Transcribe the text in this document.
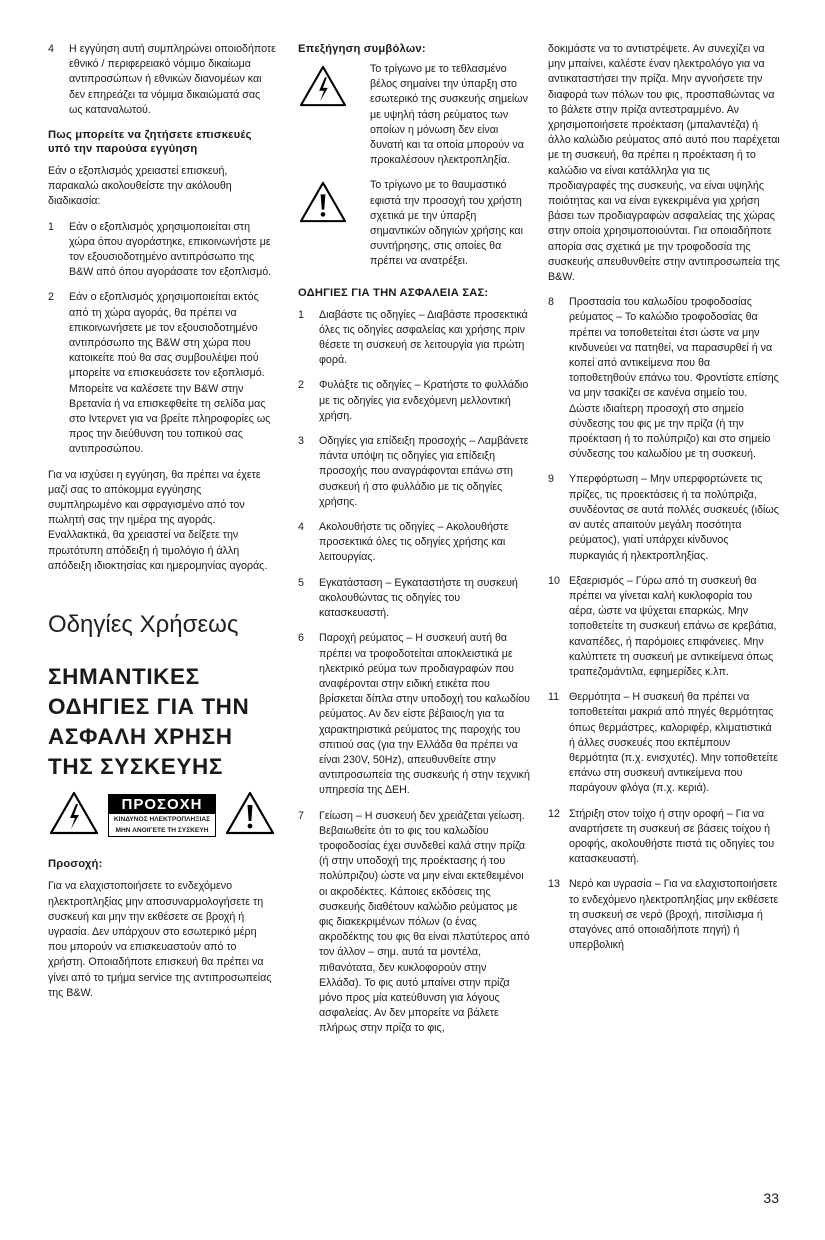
4	Η εγγύηση αυτή συμπληρώνει οποιοδήποτε εθνικό / περιφερειακό νόμιμο δικαίωμα αντιπροσώπων ή εθνικών διανομέων και δεν επηρεάζει τα νόμιμα δικαιώματά σας ως καταναλωτού.

Πως μπορείτε να ζητήσετε επισκευές υπό την παρούσα εγγύηση

Εάν ο εξοπλισμός χρειαστεί επισκευή, παρακαλώ ακολουθείστε την ακόλουθη διαδικασία:

1	Εάν ο εξοπλισμός χρησιμοποιείται στη χώρα όπου αγοράστηκε, επικοινωνήστε με τον εξουσιοδοτημένο αντιπρόσωπο της B&W από όπου αγοράσατε τον εξοπλισμό.
2	Εάν ο εξοπλισμός χρησιμοποιείται εκτός από τη χώρα αγοράς, θα πρέπει να επικοινωνήσετε με τον εξουσιοδοτημένο αντιπρόσωπο της B&W στη χώρα που κατοικείτε πού θα σας συμβουλέψει πού μπορείτε να επισκευάσετε τον εξοπλισμό. Μπορείτε να καλέσετε την B&W στην Βρετανία ή να επισκεφθείτε τη σελίδα μας στο Ιντερνετ για να βρείτε πληροφορίες ως προς την διεύθυνση του τοπικού σας αντιπροσώπου.

Για να ισχύσει η εγγύηση, θα πρέπει να έχετε μαζί σας το απόκομμα εγγύησης συμπληρωμένο και σφραγισμένο από τον πωλητή σας την ημέρα της αγοράς. Εναλλακτικά, θα χρειαστεί να δείξετε την πρωτότυπη απόδειξη ή τιμολόγιο ή άλλη απόδειξη ιδιοκτησίας και ημερομηνίας αγοράς.

Οδηγίες Χρήσεως

ΣΗΜΑΝΤΙΚΕΣ ΟΔΗΓΙΕΣ ΓΙΑ ΤΗΝ ΑΣΦΑΛΗ ΧΡΗΣΗ ΤΗΣ ΣΥΣΚΕΥΗΣ

ΠΡΟΣΟΧΗ
ΚΙΝΔΥΝΟΣ ΗΛΕΚΤΡΟΠΛΗΞΙΑΣ
ΜΗΝ ΑΝΟΙΓΕΤΕ ΤΗ ΣΥΣΚΕΥΗ

Προσοχή:

Για να ελαχιστοποιήσετε το ενδεχόμενο ηλεκτροπληξίας μην αποσυναρμολογήσετε τη συσκευή και μην την εκθέσετε σε βροχή ή υγρασία. Δεν υπάρχουν στο εσωτερικό μέρη που μπορούν να επισκευαστούν από το χρήστη. Οποιαδήποτε επισκευή θα πρέπει να γίνει από το τμήμα service της αντιπροσωπείας της B&W.

Επεξήγηση συμβόλων:

Το τρίγωνο με το τεθλασμένο βέλος σημαίνει την ύπαρξη στο εσωτερικό της συσκευής σημείων με υψηλή τάση ρεύματος των οποίων η μόνωση δεν είναι δυνατή και τα οποία μπορούν να προκαλέσουν ηλεκτροπληξία.
Το τρίγωνο με το θαυμαστικό εφιστά την προσοχή του χρήστη σχετικά με την ύπαρξη σημαντικών οδηγιών χρήσης και συντήρησης, στις οποίες θα πρέπει να ανατρέξει.

ΟΔΗΓΙΕΣ ΓΙΑ ΤΗΝ ΑΣΦΑΛΕΙΑ ΣΑΣ:

1	Διαβάστε τις οδηγίες – Διαβάστε προσεκτικά όλες τις οδηγίες ασφαλείας και χρήσης πριν θέσετε τη συσκευή σε λειτουργία για πρώτη φορά.
2	Φυλάξτε τις οδηγίες – Κρατήστε το φυλλάδιο με τις οδηγίες για ενδεχόμενη μελλοντική χρήση.
3	Οδηγίες για επίδειξη προσοχής – Λαμβάνετε πάντα υπόψη τις οδηγίες για επίδειξη προσοχής που αναγράφονται επάνω στη συσκευή ή στο φυλλάδιο με τις οδηγίες χρήσης.
4	Ακολουθήστε τις οδηγίες – Ακολουθήστε προσεκτικά όλες τις οδηγίες χρήσης και λειτουργίας.
5	Εγκατάσταση – Εγκαταστήστε τη συσκευή ακολουθώντας τις οδηγίες του κατασκευαστή.
6	Παροχή ρεύματος – Η συσκευή αυτή θα πρέπει να τροφοδοτείται αποκλειστικά με ηλεκτρικό ρεύμα των προδιαγραφών που αναφέρονται στην ειδική ετικέτα που βρίσκεται δίπλα στην υποδοχή του καλωδίου ρεύματος. Αν δεν είστε βέβαιος/η για τα χαρακτηριστικά ρεύματος της παροχής του σπιτιού σας (για την Ελλάδα θα πρέπει να είναι 230V, 50Hz), απευθυνθείτε στην αντιπροσωπεία της συσκευής ή στην τεχνική υπηρεσία της ΔΕΗ.
7	Γείωση – Η συσκευή δεν χρειάζεται γείωση. Βεβαιωθείτε ότι το φις του καλωδίου τροφοδοσίας έχει συνδεθεί καλά στην πρίζα (ή στην υποδοχή της προέκτασης ή του πολύπριζου) ώστε να μην είναι εκτεθειμένοι οι ακροδέκτες. Κάποιες εκδόσεις της συσκευής διαθέτουν καλώδιο ρεύματος με φις διακεκριμένων πόλων (ο ένας ακροδέκτης του φις θα είναι πλατύτερος από τον άλλον – σημ. αυτά τα μοντέλα, πιθανότατα, δεν κυκλοφορούν στην Ελλάδα). Το φις αυτό μπαίνει στην πρίζα μόνο προς μία κατεύθυνση για λόγους ασφαλείας. Αν δεν μπορείτε να βάλετε πλήρως στην πρίζα το φις,

δοκιμάστε να το αντιστρέψετε. Αν συνεχίζει να μην μπαίνει, καλέστε έναν ηλεκτρολόγο για να αντικαταστήσει την πρίζα. Μην αγνοήσετε την διαφορά των πόλων του φις, προσπαθώντας να το βάλετε στην πρίζα αντεστραμμένο. Αν χρησιμοποιήσετε προέκταση (μπαλαντέζα) ή άλλο καλώδιο ρεύματος από αυτό που παρέχεται με τη συσκευή, θα πρέπει η προέκταση ή το καλώδιο να είναι κατάλληλα για τις προδιαγραφές της συσκευής, να είναι υψηλής ποιότητας και να είναι εγκεκριμένα για χρήση βάσει των προδιαγραφών ασφαλείας της χώρας στην οποία χρησιμοποιούνται. Για οποιαδήποτε απορία σας σχετικά με την τροφοδοσία της συσκευής απευθυνθείτε στην αντιπροσωπεία της B&W.

8	Προστασία του καλωδίου τροφοδοσίας ρεύματος – Το καλώδιο τροφοδοσίας θα πρέπει να τοποθετείται έτσι ώστε να μην κινδυνεύει να πατηθεί, να παρασυρθεί ή να κοπεί από αντικείμενα που θα τοποθετηθούν επάνω του. Φροντίστε επίσης να μην τσακίζει σε κανένα σημείο του. Δώστε ιδιαίτερη προσοχή στο σημείο σύνδεσης του φις με την πρίζα (ή την προέκταση ή το πολύπριζο) και στο σημείο σύνδεσης του καλωδίου με τη συσκευή.
9	Υπερφόρτωση – Μην υπερφορτώνετε τις πρίζες, τις προεκτάσεις ή τα πολύπριζα, συνδέοντας σε αυτά πολλές συσκευές (ιδίως αν αυτές απαιτούν μεγάλη ποσότητα ρεύματος), γιατί υπάρχει κίνδυνος πυρκαγιάς ή ηλεκτροπληξίας.
10 Εξαερισμός – Γύρω από τη συσκευή θα πρέπει να γίνεται καλή κυκλοφορία του αέρα, ώστε να ψύχεται επαρκώς. Μην τοποθετείτε τη συσκευή επάνω σε κρεβάτια, καναπέδες, ή παρόμοιες επιφάνειες. Μην καλύπτετε τη συσκευή με αντικείμενα όπως τραπεζομάντιλα, εφημερίδες κ.λπ.
11 Θερμότητα – Η συσκευή θα πρέπει να τοποθετείται μακριά από πηγές θερμότητας όπως θερμάστρες, καλοριφέρ, κλιματιστικά ή άλλες συσκευές που εκπέμπουν θερμότητα (π.χ. ενισχυτές). Μην τοποθετείτε επάνω στη συσκευή αντικείμενα που παράγουν φλόγα (π.χ. κεριά).
12 Στήριξη στον τοίχο ή στην οροφή – Για να αναρτήσετε τη συσκευή σε βάσεις τοίχου ή οροφής, ακολουθήστε πιστά τις οδηγίες του κατασκευαστή.
13 Νερό και υγρασία – Για να ελαχιστοποιήσετε το ενδεχόμενο ηλεκτροπληξίας μην εκθέσετε τη συσκευή σε νερό (βροχή, πιτσίλισμα ή σταγόνες από οποιαδήποτε πηγή) ή υπερβολική
33
